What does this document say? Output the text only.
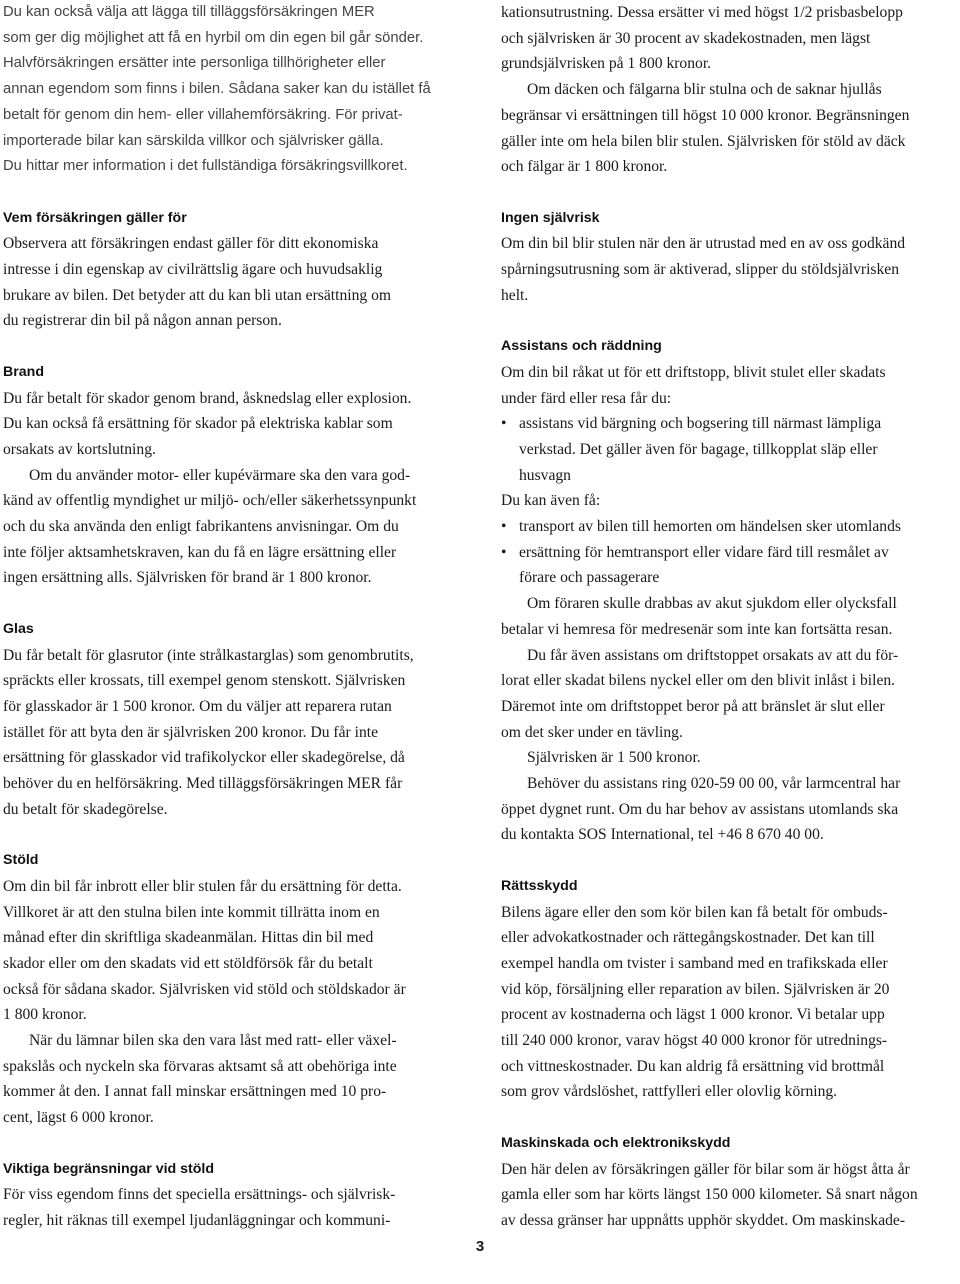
Du kan också välja att lägga till tilläggsförsäkringen MER
som ger dig möjlighet att få en hyrbil om din egen bil går sönder.
Halvförsäkringen ersätter inte personliga tillhörigheter eller
annan egendom som finns i bilen. Sådana saker kan du istället få
betalt för genom din hem- eller villahemförsäkring. För privat-
importerade bilar kan särskilda villkor och självrisker gälla.
Du hittar mer information i det fullständiga försäkringsvillkoret.
Vem försäkringen gäller för

Observera att försäkringen endast gäller för ditt ekonomiska
intresse i din egenskap av civilrättslig ägare och huvudsaklig
brukare av bilen. Det betyder att du kan bli utan ersättning om
du registrerar din bil på någon annan person.

Brand

Du får betalt för skador genom brand, åsknedslag eller explosion.
Du kan också få ersättning för skador på elektriska kablar som
orsakats av kortslutning.

Om du använder motor- eller kupévärmare ska den vara god-
känd av offentlig myndighet ur miljö- och/eller säkerhetssynpunkt
och du ska använda den enligt fabrikantens anvisningar. Om du
inte följer aktsamhetskraven, kan du få en lägre ersättning eller
ingen ersättning alls. Självrisken för brand är 1 800 kronor.

Glas

Du får betalt för glasrutor (inte strålkastarglas) som genombrutits,
spräckts eller krossats, till exempel genom stenskott. Självrisken
för glasskador är 1 500 kronor. Om du väljer att reparera rutan
istället för att byta den är självrisken 200 kronor. Du får inte
ersättning för glasskador vid trafikolyckor eller skadegörelse, då
behöver du en helförsäkring. Med tilläggsförsäkringen MER får
du betalt för skadegörelse.

Stöld

Om din bil får inbrott eller blir stulen får du ersättning för detta.
Villkoret är att den stulna bilen inte kommit tillrätta inom en
månad efter din skriftliga skadeanmälan. Hittas din bil med
skador eller om den skadats vid ett stöldförsök får du betalt
också för sådana skador. Självrisken vid stöld och stöldskador är
1 800 kronor.

När du lämnar bilen ska den vara låst med ratt- eller växel-
spakslås och nyckeln ska förvaras aktsamt så att obehöriga inte
kommer åt den. I annat fall minskar ersättningen med 10 pro-
cent, lägst 6 000 kronor.

Viktiga begränsningar vid stöld

För viss egendom finns det speciella ersättnings- och självrisk-
regler, hit räknas till exempel ljudanläggningar och kommuni-

kationsutrustning. Dessa ersätter vi med högst 1/2 prisbasbelopp
och självrisken är 30 procent av skadekostnaden, men lägst
grundsjälvrisken på 1 800 kronor.

Om däcken och fälgarna blir stulna och de saknar hjullås
begränsar vi ersättningen till högst 10 000 kronor. Begränsningen
gäller inte om hela bilen blir stulen. Självrisken för stöld av däck
och fälgar är 1 800 kronor.

Ingen självrisk

Om din bil blir stulen när den är utrustad med en av oss godkänd
spårningsutrusning som är aktiverad, slipper du stöldsjälvrisken
helt.

Assistans och räddning

Om din bil råkat ut för ett driftstopp, blivit stulet eller skadats
under färd eller resa får du:

• assistans vid bärgning och bogsering till närmast lämpliga
verkstad. Det gäller även för bagage, tillkopplat släp eller
husvagn

Du kan även få:

• transport av bilen till hemorten om händelsen sker utomlands
• ersättning för hemtransport eller vidare färd till resmålet av
förare och passagerare

Om föraren skulle drabbas av akut sjukdom eller olycksfall
betalar vi hemresa för medresenär som inte kan fortsätta resan.

Du får även assistans om driftstoppet orsakats av att du för-
lorat eller skadat bilens nyckel eller om den blivit inlåst i bilen.
Däremot inte om driftstoppet beror på att bränslet är slut eller
om det sker under en tävling.

Självrisken är 1 500 kronor.

Behöver du assistans ring 020-59 00 00, vår larmcentral har
öppet dygnet runt. Om du har behov av assistans utomlands ska
du kontakta SOS International, tel +46 8 670 40 00.

Rättsskydd

Bilens ägare eller den som kör bilen kan få betalt för ombuds-
eller advokatkostnader och rättegångskostnader. Det kan till
exempel handla om tvister i samband med en trafikskada eller
vid köp, försäljning eller reparation av bilen. Självrisken är 20
procent av kostnaderna och lägst 1 000 kronor. Vi betalar upp
till 240 000 kronor, varav högst 40 000 kronor för utrednings-
och vittneskostnader. Du kan aldrig få ersättning vid brottmål
som grov vårdslöshet, rattfylleri eller olovlig körning.

Maskinskada och elektronikskydd

Den här delen av försäkringen gäller för bilar som är högst åtta år
gamla eller som har körts längst 150 000 kilometer. Så snart någon
av dessa gränser har uppnåtts upphör skyddet. Om maskinskade-

3
